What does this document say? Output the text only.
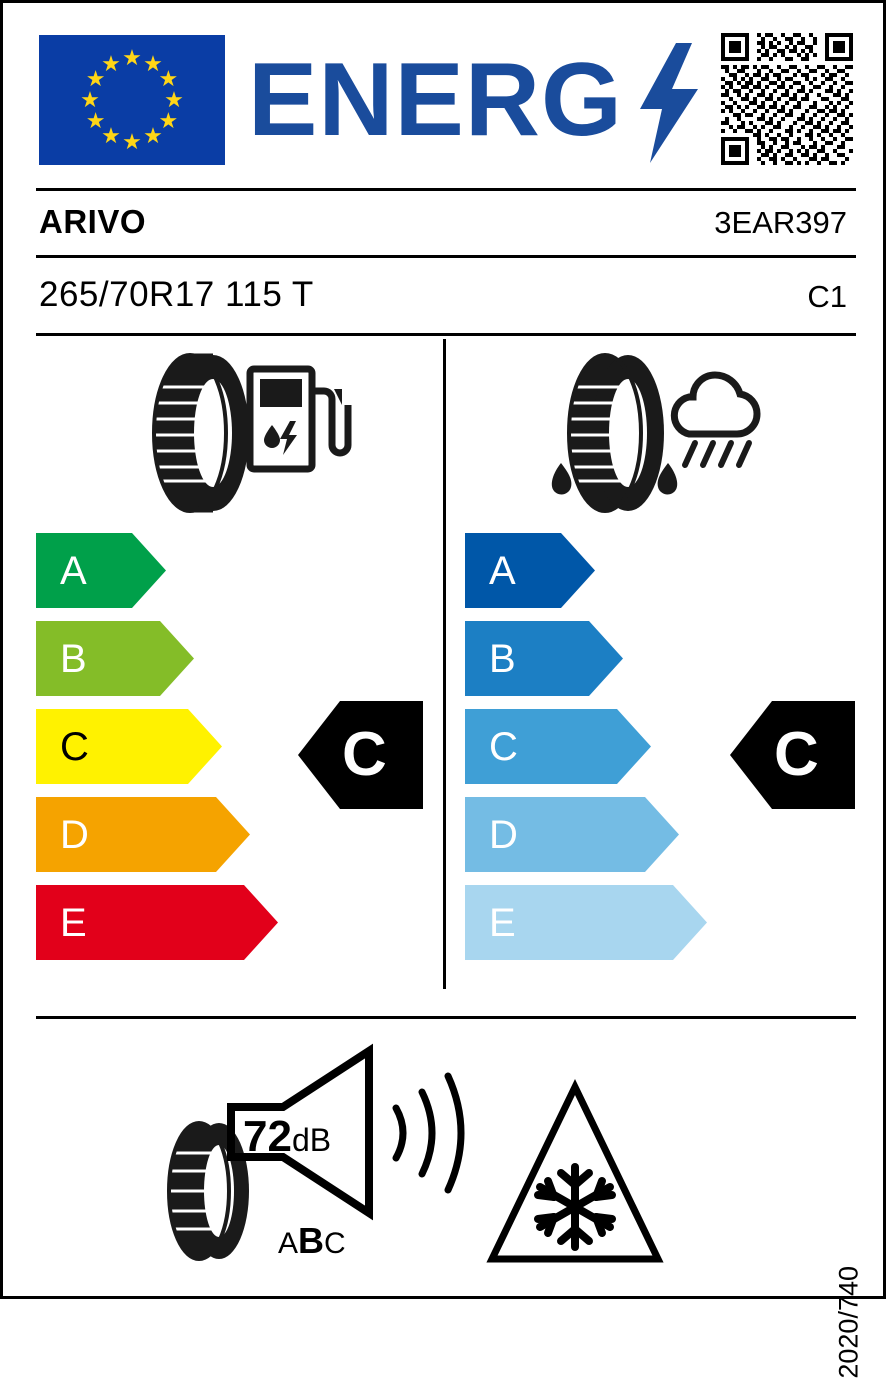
★ ★
★
★
★
★
★
★
★
★
★
★ ENERG
ARIVO	3EAR397
265/70R17 115 T	C1
A
B
C
D
E
A
B
C
D
E
C	C
72dB
ABC
2020/740
